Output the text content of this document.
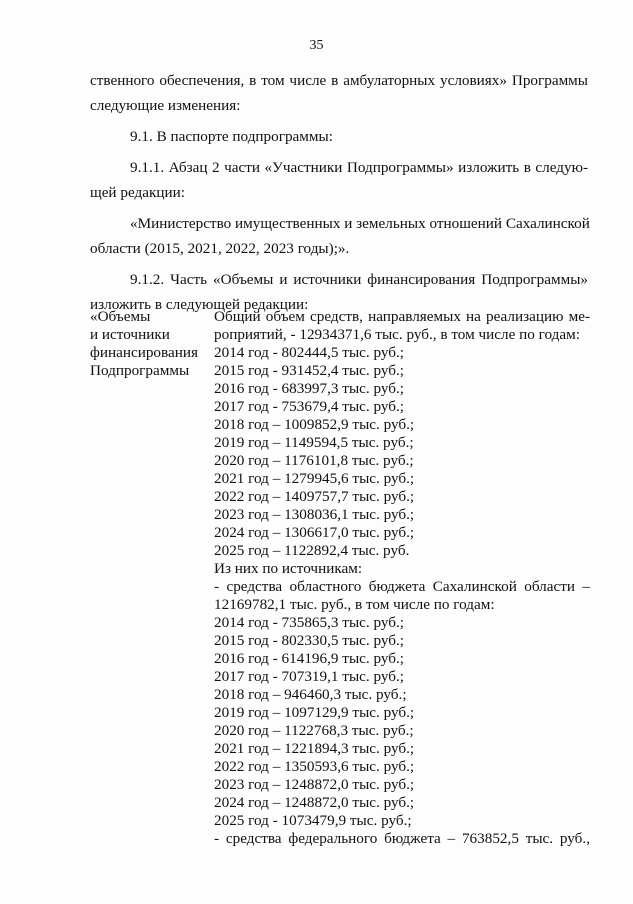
35

ственного обеспечения, в том числе в амбулаторных условиях» Программы
следующие изменения:

9.1. В паспорте подпрограммы:

9.1.1. Абзац 2 части «Участники Подпрограммы» изложить в следую-
щей редакции:

«Министерство имущественных и земельных отношений Сахалинской
области (2015, 2021, 2022, 2023 годы);».

9.1.2. Часть «Объемы и источники финансирования Подпрограммы»
изложить в следующей редакции:

«Объемы
и источники
финансирования
Подпрограммы
Общий объем средств, направляемых на реализацию ме-
роприятий, - 12934371,6 тыс. руб., в том числе по годам:
2014 год - 802444,5 тыс. руб.;
2015 год - 931452,4 тыс. руб.;
2016 год - 683997,3 тыс. руб.;
2017 год - 753679,4 тыс. руб.;
2018 год – 1009852,9 тыс. руб.;
2019 год – 1149594,5 тыс. руб.;
2020 год – 1176101,8 тыс. руб.;
2021 год – 1279945,6 тыс. руб.;
2022 год – 1409757,7 тыс. руб.;
2023 год – 1308036,1 тыс. руб.;
2024 год – 1306617,0 тыс. руб.;
2025 год – 1122892,4 тыс. руб.
Из них по источникам:
- средства областного бюджета Сахалинской области –
12169782,1 тыс. руб., в том числе по годам:
2014 год - 735865,3 тыс. руб.;
2015 год - 802330,5 тыс. руб.;
2016 год - 614196,9 тыс. руб.;
2017 год - 707319,1 тыс. руб.;
2018 год – 946460,3 тыс. руб.;
2019 год – 1097129,9 тыс. руб.;
2020 год – 1122768,3 тыс. руб.;
2021 год – 1221894,3 тыс. руб.;
2022 год – 1350593,6 тыс. руб.;
2023 год – 1248872,0 тыс. руб.;
2024 год – 1248872,0 тыс. руб.;
2025 год - 1073479,9 тыс. руб.;
- средства федерального бюджета – 763852,5 тыс. руб.,
